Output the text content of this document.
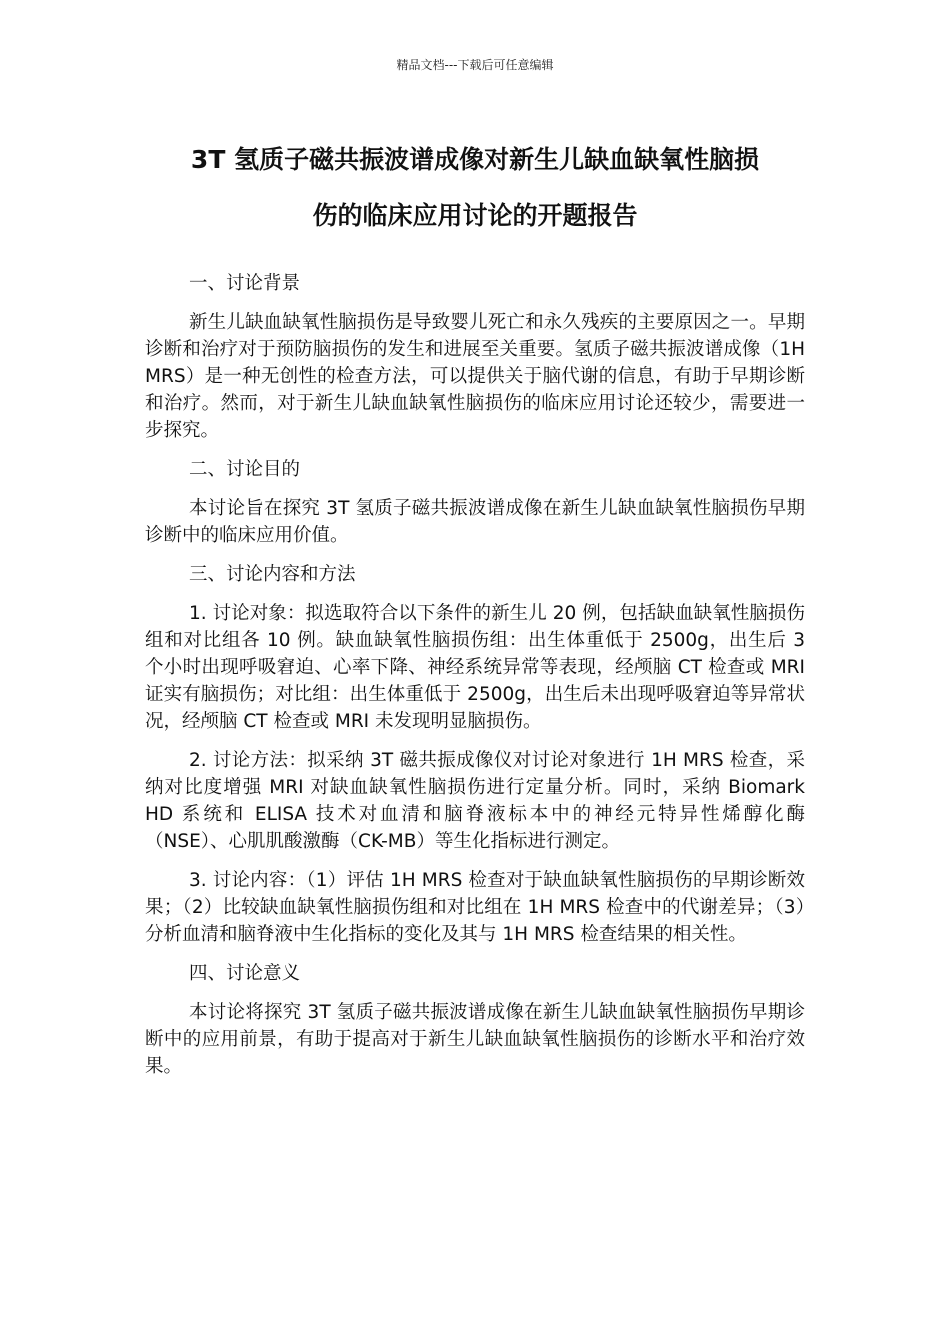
精品文档---下载后可任意编辑
3T 氢质子磁共振波谱成像对新生儿缺血缺氧性脑损
伤的临床应用讨论的开题报告

一、讨论背景

新生儿缺血缺氧性脑损伤是导致婴儿死亡和永久残疾的主要原因之一。早期诊断和治疗对于预防脑损伤的发生和进展至关重要。氢质子磁共振波谱成像（1H MRS）是一种无创性的检查方法，可以提供关于脑代谢的信息，有助于早期诊断和治疗。然而，对于新生儿缺血缺氧性脑损伤的临床应用讨论还较少，需要进一步探究。

二、讨论目的

本讨论旨在探究 3T 氢质子磁共振波谱成像在新生儿缺血缺氧性脑损伤早期诊断中的临床应用价值。

三、讨论内容和方法

1. 讨论对象：拟选取符合以下条件的新生儿 20 例，包括缺血缺氧性脑损伤组和对比组各 10 例。缺血缺氧性脑损伤组：出生体重低于 2500g，出生后 3 个小时出现呼吸窘迫、心率下降、神经系统异常等表现，经颅脑 CT 检查或 MRI 证实有脑损伤；对比组：出生体重低于 2500g，出生后未出现呼吸窘迫等异常状况，经颅脑 CT 检查或 MRI 未发现明显脑损伤。

2. 讨论方法：拟采纳 3T 磁共振成像仪对讨论对象进行 1H MRS 检查，采纳对比度增强 MRI 对缺血缺氧性脑损伤进行定量分析。同时，采纳 Biomark HD 系统和 ELISA 技术对血清和脑脊液标本中的神经元特异性烯醇化酶（NSE）、心肌肌酸激酶（CK-MB）等生化指标进行测定。

3. 讨论内容：（1）评估 1H MRS 检查对于缺血缺氧性脑损伤的早期诊断效果；（2）比较缺血缺氧性脑损伤组和对比组在 1H MRS 检查中的代谢差异；（3）分析血清和脑脊液中生化指标的变化及其与 1H MRS 检查结果的相关性。

四、讨论意义

本讨论将探究 3T 氢质子磁共振波谱成像在新生儿缺血缺氧性脑损伤早期诊断中的应用前景，有助于提高对于新生儿缺血缺氧性脑损伤的诊断水平和治疗效果。
